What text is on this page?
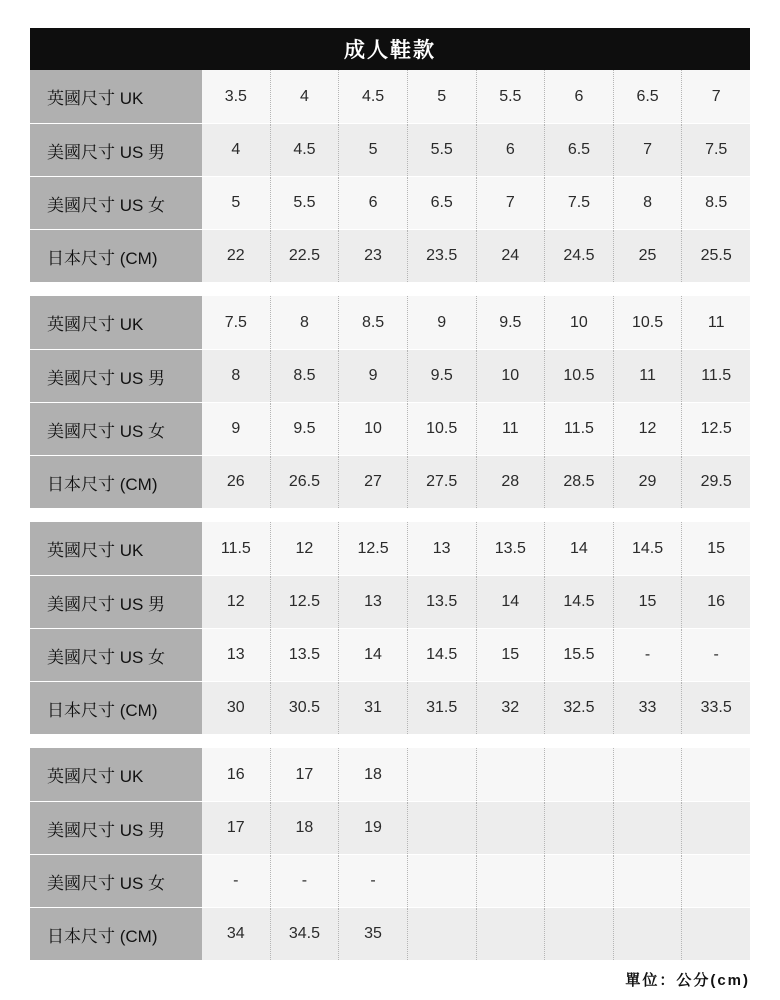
成人鞋款
英國尺寸 UK	3.5	4	4.5	5	5.5	6	6.5	7
美國尺寸 US 男	4	4.5	5	5.5	6	6.5	7	7.5
美國尺寸 US 女	5	5.5	6	6.5	7	7.5	8	8.5
日本尺寸 (CM)	22	22.5	23	23.5	24	24.5	25	25.5
英國尺寸 UK	7.5	8	8.5	9	9.5	10	10.5	11
美國尺寸 US 男	8	8.5	9	9.5	10	10.5	11	11.5
美國尺寸 US 女	9	9.5	10	10.5	11	11.5	12	12.5
日本尺寸 (CM)	26	26.5	27	27.5	28	28.5	29	29.5
英國尺寸 UK	11.5	12	12.5	13	13.5	14	14.5	15
美國尺寸 US 男	12	12.5	13	13.5	14	14.5	15	16
美國尺寸 US 女	13	13.5	14	14.5	15	15.5	-	-
日本尺寸 (CM)	30	30.5	31	31.5	32	32.5	33	33.5
英國尺寸 UK	16	17	18
美國尺寸 US 男	17	18	19
美國尺寸 US 女	-	-	-
日本尺寸 (CM)	34	34.5	35
單位：公分(cm)
